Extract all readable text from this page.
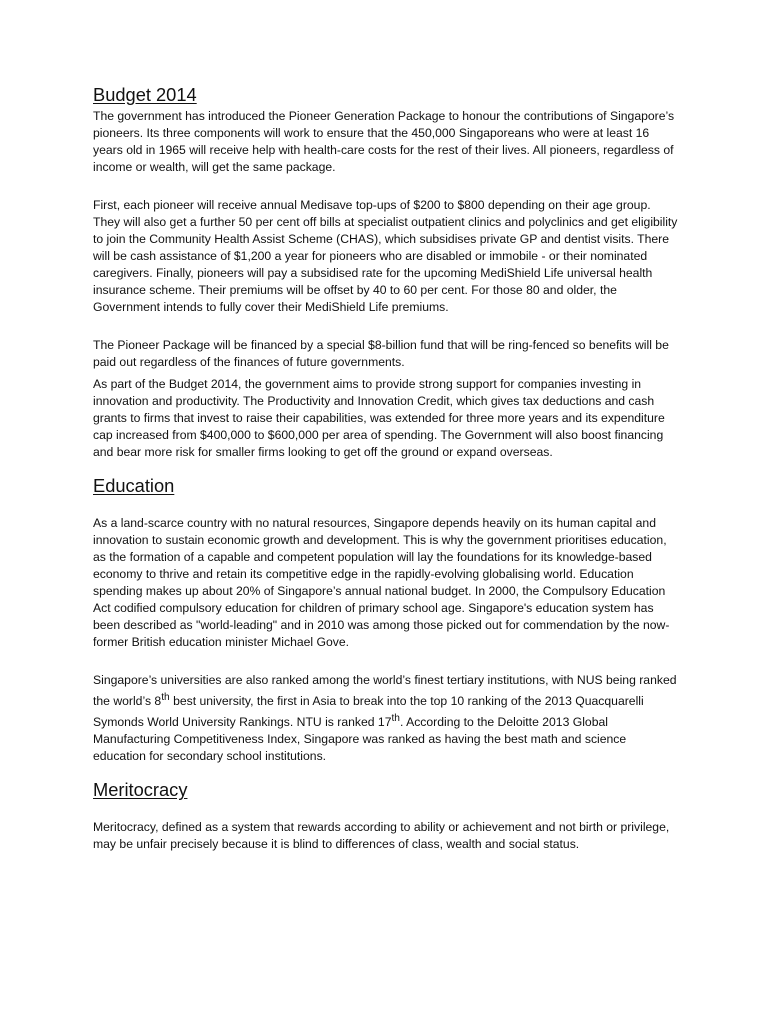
Budget 2014

The government has introduced the Pioneer Generation Package to honour the contributions of Singapore’s pioneers. Its three components will work to ensure that the 450,000 Singaporeans who were at least 16 years old in 1965 will receive help with health-care costs for the rest of their lives. All pioneers, regardless of income or wealth, will get the same package.

First, each pioneer will receive annual Medisave top-ups of $200 to $800 depending on their age group. They will also get a further 50 per cent off bills at specialist outpatient clinics and polyclinics and get eligibility to join the Community Health Assist Scheme (CHAS), which subsidises private GP and dentist visits. There will be cash assistance of $1,200 a year for pioneers who are disabled or immobile - or their nominated caregivers. Finally, pioneers will pay a subsidised rate for the upcoming MediShield Life universal health insurance scheme. Their premiums will be offset by 40 to 60 per cent. For those 80 and older, the Government intends to fully cover their MediShield Life premiums.

The Pioneer Package will be financed by a special $8-billion fund that will be ring-fenced so benefits will be paid out regardless of the finances of future governments.

As part of the Budget 2014, the government aims to provide strong support for companies investing in innovation and productivity. The Productivity and Innovation Credit, which gives tax deductions and cash grants to firms that invest to raise their capabilities, was extended for three more years and its expenditure cap increased from $400,000 to $600,000 per area of spending. The Government will also boost financing and bear more risk for smaller firms looking to get off the ground or expand overseas.

Education

As a land-scarce country with no natural resources, Singapore depends heavily on its human capital and innovation to sustain economic growth and development. This is why the government prioritises education, as the formation of a capable and competent population will lay the foundations for its knowledge-based economy to thrive and retain its competitive edge in the rapidly-evolving globalising world. Education spending makes up about 20% of Singapore’s annual national budget. In 2000, the Compulsory Education Act codified compulsory education for children of primary school age. Singapore's education system has been described as "world-leading" and in 2010 was among those picked out for commendation by the now-former British education minister Michael Gove.

Singapore’s universities are also ranked among the world’s finest tertiary institutions, with NUS being ranked the world’s 8th best university, the first in Asia to break into the top 10 ranking of the 2013 Quacquarelli Symonds World University Rankings. NTU is ranked 17th. According to the Deloitte 2013 Global Manufacturing Competitiveness Index, Singapore was ranked as having the best math and science education for secondary school institutions.

Meritocracy

Meritocracy, defined as a system that rewards according to ability or achievement and not birth or privilege, may be unfair precisely because it is blind to differences of class, wealth and social status.
